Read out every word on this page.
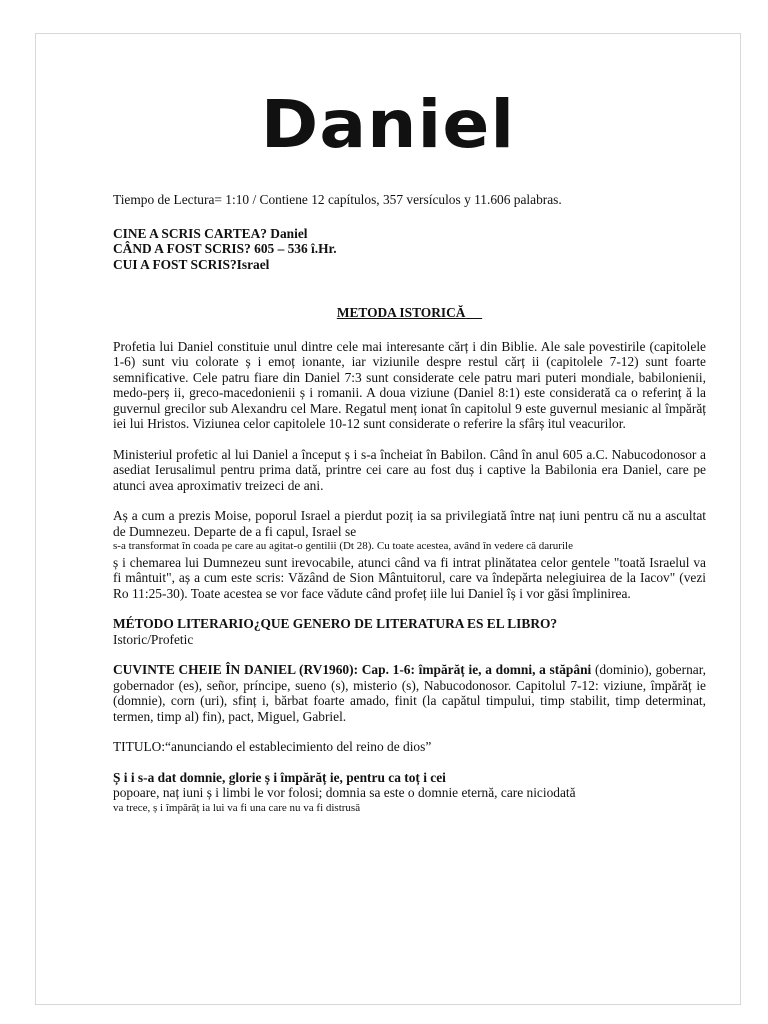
Daniel

Tiempo de Lectura= 1:10 / Contiene 12 capítulos, 357 versículos y 11.606 palabras.

CINE A SCRIS CARTEA? Daniel

CÂND A FOST SCRIS? 605 – 536 î.Hr.

CUI A FOST SCRIS?Israel

METODA ISTORICĂ

Profetia lui Daniel constituie unul dintre cele mai interesante cărț i din Biblie. Ale sale povestirile (capitolele 1-6) sunt viu colorate ș i emoț ionante, iar viziunile despre restul cărț ii (capitolele 7-12) sunt foarte semnificative. Cele patru fiare din Daniel 7:3 sunt considerate cele patru mari puteri mondiale, babilonienii, medo-perș ii, greco-macedonienii ș i romanii. A doua viziune (Daniel 8:1) este considerată ca o referinț ă la guvernul grecilor sub Alexandru cel Mare. Regatul menț ionat în capitolul 9 este guvernul mesianic al împărăț iei lui Hristos. Viziunea celor capitolele 10-12 sunt considerate o referire la sfârș itul veacurilor.

Ministeriul profetic al lui Daniel a început ș i s-a încheiat în Babilon. Când în anul 605 a.C. Nabucodonosor a asediat Ierusalimul pentru prima dată, printre cei care au fost duș i captive la Babilonia era Daniel, care pe atunci avea aproximativ treizeci de ani.

Aș a cum a prezis Moise, poporul Israel a pierdut poziț ia sa privilegiată între naț iuni pentru că nu a ascultat de Dumnezeu. Departe de a fi capul, Israel se

s-a transformat în coada pe care au agitat-o gentilii (Dt 28). Cu toate acestea, având în vedere că darurile

ș i chemarea lui Dumnezeu sunt irevocabile, atunci când va fi intrat plinătatea celor gentele "toată Israelul va fi mântuit", aș a cum este scris: Văzând de Sion Mântuitorul, care va îndepărta nelegiuirea de la Iacov" (vezi Ro 11:25-30). Toate acestea se vor face vădute când profeț iile lui Daniel îș i vor găsi împlinirea.

MÉTODO LITERARIO¿QUE GENERO DE LITERATURA ES EL LIBRO?

Istoric/Profetic

CUVINTE CHEIE ÎN DANIEL (RV1960): Cap. 1-6: împărăț ie, a domni, a stăpâni (dominio), gobernar, gobernador (es), señor, príncipe, sueno (s), misterio (s), Nabucodonosor. Capitolul 7-12: viziune, împărăț ie (domnie), corn (uri), sfinț i, bărbat foarte amado, finit (la capătul timpului, timp stabilit, timp determinat, termen, timp al) fin), pact, Miguel, Gabriel.

TITULO:“anunciando el establecimiento del reino de dios”

Ș i i s-a dat domnie, glorie ș i împărăț ie, pentru ca toț i cei

popoare, naț iuni ș i limbi le vor folosi; domnia sa este o domnie eternă, care niciodată

va trece, ș i împărăț ia lui va fi una care nu va fi distrusă
